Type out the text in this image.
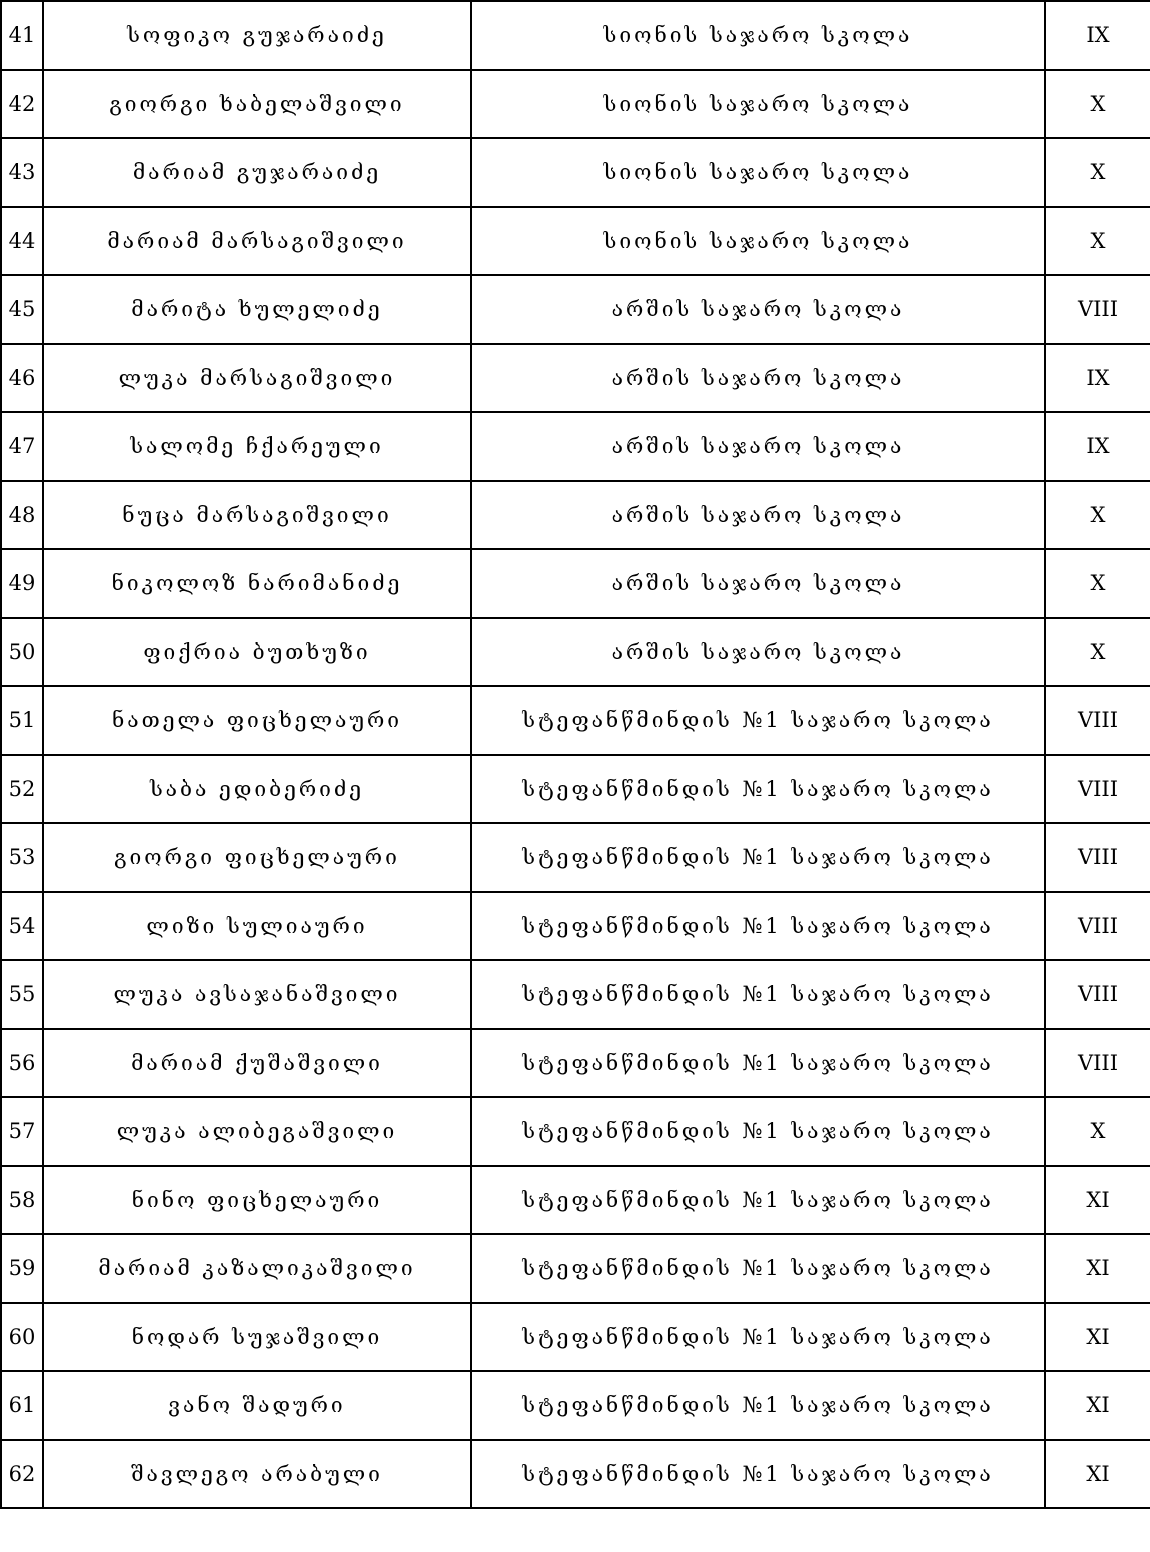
41	სოფიკო გუჯარაიძე	სიონის საჯარო სკოლა	IX
42	გიორგი ხაბელაშვილი	სიონის საჯარო სკოლა	X
43	მარიამ გუჯარაიძე	სიონის საჯარო სკოლა	X
44	მარიამ მარსაგიშვილი	სიონის საჯარო სკოლა	X
45	მარიტა ხულელიძე	არშის საჯარო სკოლა	VIII
46	ლუკა მარსაგიშვილი	არშის საჯარო სკოლა	IX
47	სალომე ჩქარეული	არშის საჯარო სკოლა	IX
48	ნუცა მარსაგიშვილი	არშის საჯარო სკოლა	X
49	ნიკოლოზ ნარიმანიძე	არშის საჯარო სკოლა	X
50	ფიქრია ბუთხუზი	არშის საჯარო სკოლა	X
51	ნათელა ფიცხელაური	სტეფანწმინდის №1 საჯარო სკოლა	VIII
52	საბა ედიბერიძე	სტეფანწმინდის №1 საჯარო სკოლა	VIII
53	გიორგი ფიცხელაური	სტეფანწმინდის №1 საჯარო სკოლა	VIII
54	ლიზი სულიაური	სტეფანწმინდის №1 საჯარო სკოლა	VIII
55	ლუკა ავსაჯანაშვილი	სტეფანწმინდის №1 საჯარო სკოლა	VIII
56	მარიამ ქუშაშვილი	სტეფანწმინდის №1 საჯარო სკოლა	VIII
57	ლუკა ალიბეგაშვილი	სტეფანწმინდის №1 საჯარო სკოლა	X
58	ნინო ფიცხელაური	სტეფანწმინდის №1 საჯარო სკოლა	XI
59	მარიამ კაზალიკაშვილი	სტეფანწმინდის №1 საჯარო სკოლა	XI
60	ნოდარ სუჯაშვილი	სტეფანწმინდის №1 საჯარო სკოლა	XI
61	ვანო შადური	სტეფანწმინდის №1 საჯარო სკოლა	XI
62	შავლეგო არაბული	სტეფანწმინდის №1 საჯარო სკოლა	XI
